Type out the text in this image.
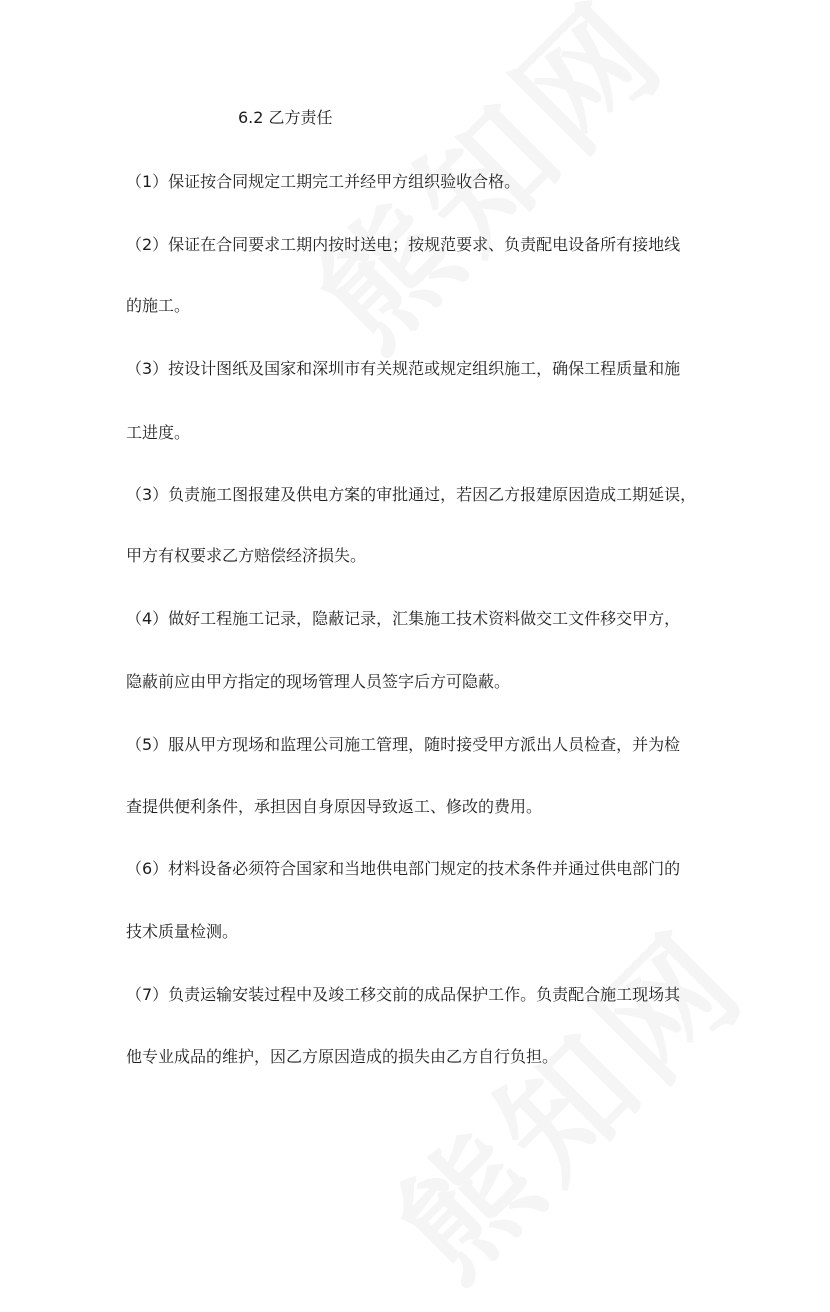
6.2 乙方责任
（1）保证按合同规定工期完工并经甲方组织验收合格。
（2）保证在合同要求工期内按时送电；按规范要求、负责配电设备所有接地线
的施工。
（3）按设计图纸及国家和深圳市有关规范或规定组织施工，确保工程质量和施
工进度。
（3）负责施工图报建及供电方案的审批通过，若因乙方报建原因造成工期延误，
甲方有权要求乙方赔偿经济损失。
（4）做好工程施工记录，隐蔽记录，汇集施工技术资料做交工文件移交甲方，
隐蔽前应由甲方指定的现场管理人员签字后方可隐蔽。
（5）服从甲方现场和监理公司施工管理，随时接受甲方派出人员检查，并为检
查提供便利条件，承担因自身原因导致返工、修改的费用。
（6）材料设备必须符合国家和当地供电部门规定的技术条件并通过供电部门的
技术质量检测。
（7）负责运输安装过程中及竣工移交前的成品保护工作。负责配合施工现场其
他专业成品的维护，因乙方原因造成的损失由乙方自行负担。
